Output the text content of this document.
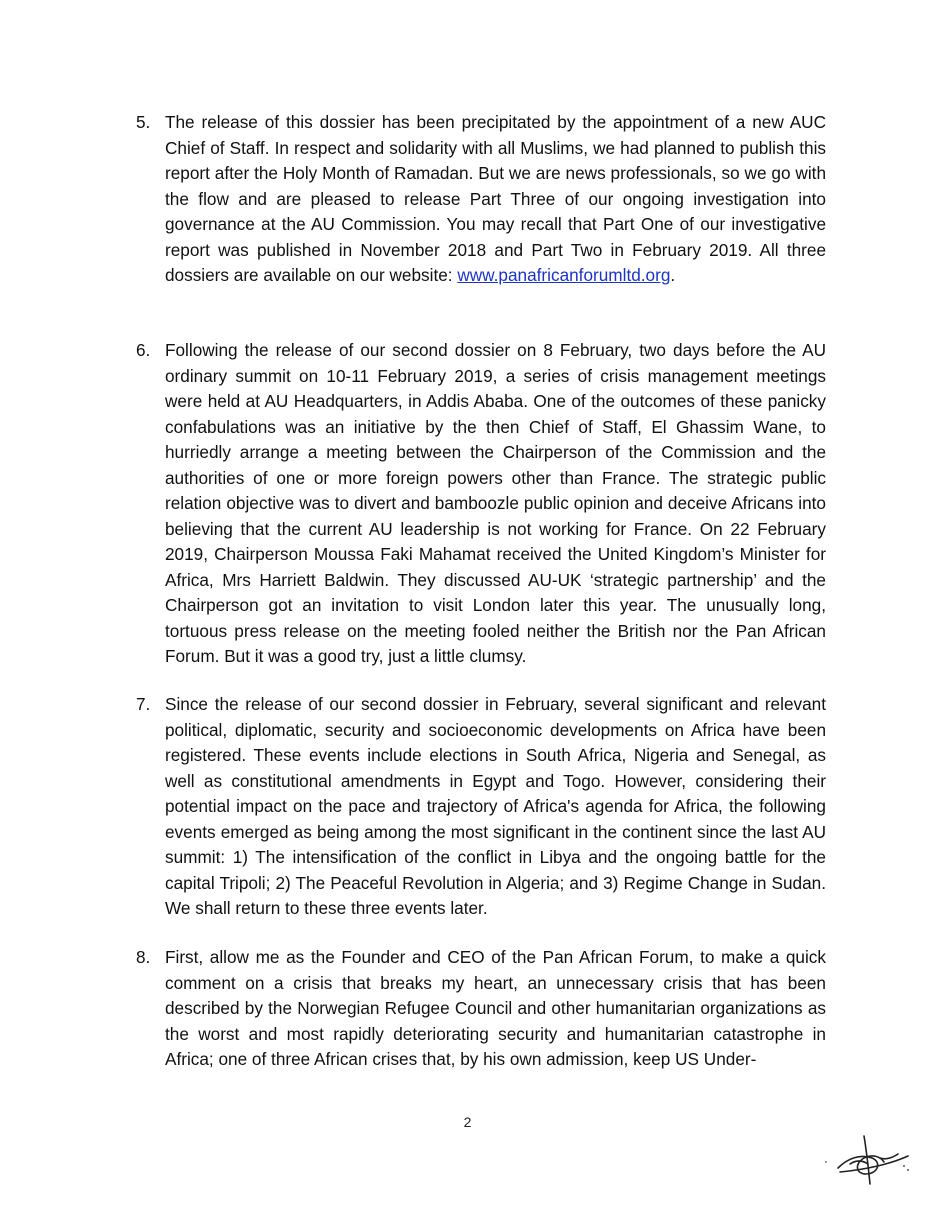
5. The release of this dossier has been precipitated by the appointment of a new AUC Chief of Staff. In respect and solidarity with all Muslims, we had planned to publish this report after the Holy Month of Ramadan. But we are news professionals, so we go with the flow and are pleased to release Part Three of our ongoing investigation into governance at the AU Commission. You may recall that Part One of our investigative report was published in November 2018 and Part Two in February 2019. All three dossiers are available on our website: www.panafricanforumltd.org.

6. Following the release of our second dossier on 8 February, two days before the AU ordinary summit on 10-11 February 2019, a series of crisis management meetings were held at AU Headquarters, in Addis Ababa. One of the outcomes of these panicky confabulations was an initiative by the then Chief of Staff, El Ghassim Wane, to hurriedly arrange a meeting between the Chairperson of the Commission and the authorities of one or more foreign powers other than France. The strategic public relation objective was to divert and bamboozle public opinion and deceive Africans into believing that the current AU leadership is not working for France. On 22 February 2019, Chairperson Moussa Faki Mahamat received the United Kingdom’s Minister for Africa, Mrs Harriett Baldwin. They discussed AU-UK ‘strategic partnership’ and the Chairperson got an invitation to visit London later this year. The unusually long, tortuous press release on the meeting fooled neither the British nor the Pan African Forum. But it was a good try, just a little clumsy.

7. Since the release of our second dossier in February, several significant and relevant political, diplomatic, security and socioeconomic developments on Africa have been registered. These events include elections in South Africa, Nigeria and Senegal, as well as constitutional amendments in Egypt and Togo. However, considering their potential impact on the pace and trajectory of Africa's agenda for Africa, the following events emerged as being among the most significant in the continent since the last AU summit: 1) The intensification of the conflict in Libya and the ongoing battle for the capital Tripoli; 2) The Peaceful Revolution in Algeria; and 3) Regime Change in Sudan. We shall return to these three events later.

8. First, allow me as the Founder and CEO of the Pan African Forum, to make a quick comment on a crisis that breaks my heart, an unnecessary crisis that has been described by the Norwegian Refugee Council and other humanitarian organizations as the worst and most rapidly deteriorating security and humanitarian catastrophe in Africa; one of three African crises that, by his own admission, keep US Under-

2
